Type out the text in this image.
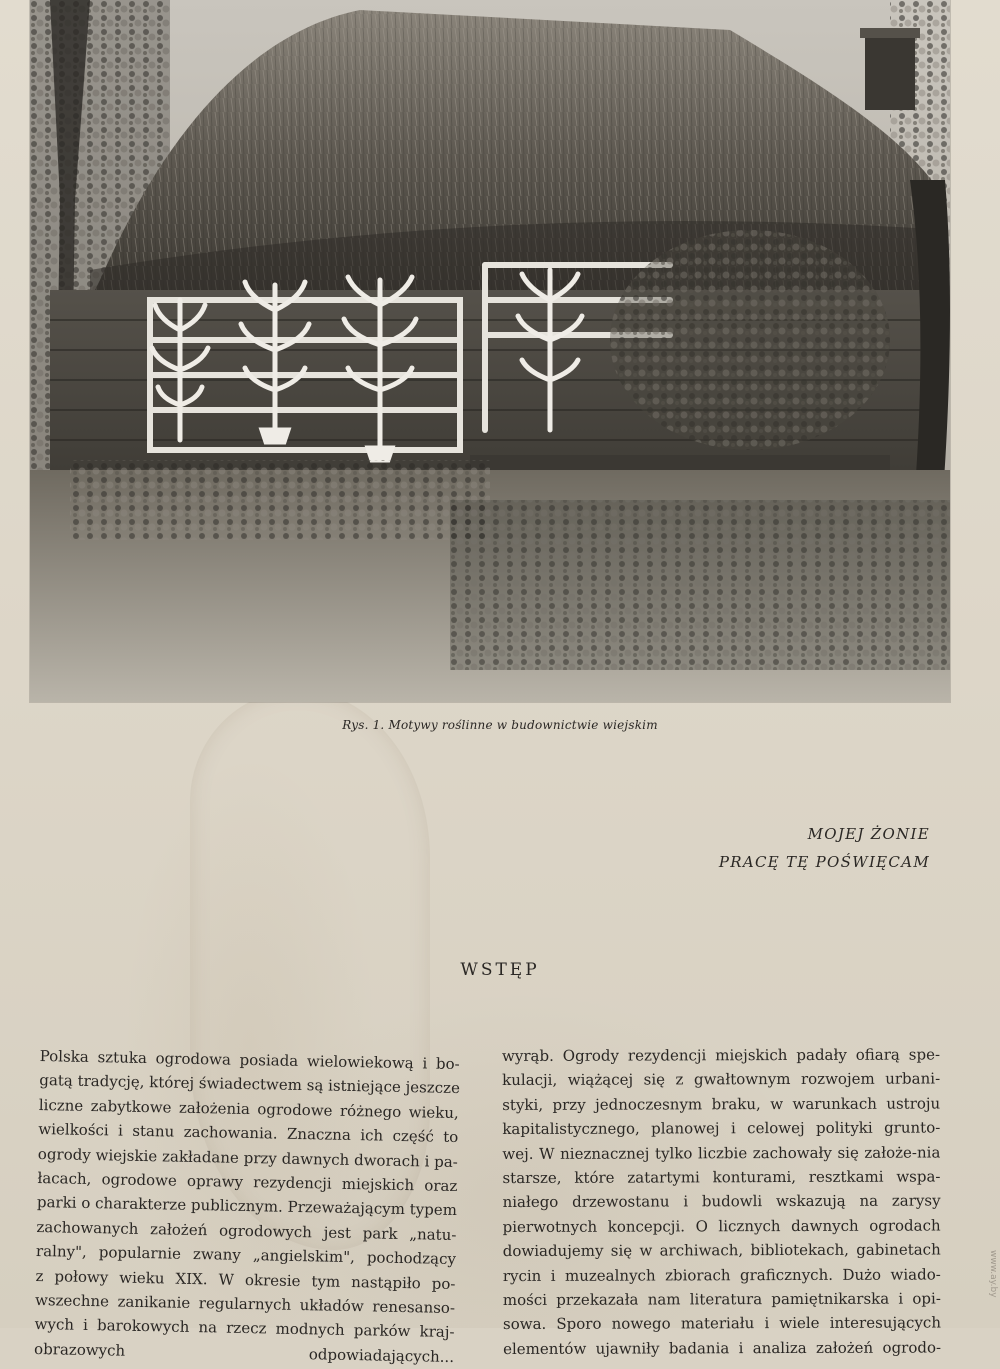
Rys. 1. Motywy roślinne w budownictwie wiejskim
MOJEJ ŻONIE
PRACĘ TĘ POŚWIĘCAM
WSTĘP
Polska sztuka ogrodowa posiada wielowiekową i bo-
gatą tradycję, której świadectwem są istniejące jeszcze
liczne zabytkowe założenia ogrodowe różnego wieku,
wielkości i stanu zachowania. Znaczna ich część to
ogrody wiejskie zakładane przy dawnych dworach i pa-
łacach, ogrodowe oprawy rezydencji miejskich oraz
parki o charakterze publicznym. Przeważającym typem
zachowanych założeń ogrodowych jest park „natu-
ralny", popularnie zwany „angielskim", pochodzący
z połowy wieku XIX. W okresie tym nastąpiło po-
wszechne zanikanie regularnych układów renesanso-
wych i barokowych na rzecz modnych parków kraj-
obrazowych odpowiadających...
wyrąb. Ogrody rezydencji miejskich padały ofiarą spe-
kulacji, wiążącej się z gwałtownym rozwojem urbani-
styki, przy jednoczesnym braku, w warunkach ustroju
kapitalistycznego, planowej i celowej polityki grunto-
wej. W nieznacznej tylko liczbie zachowały się założe-nia
starsze, które zatartymi konturami, resztkami wspa-
niałego drzewostanu i budowli wskazują na zarysy
pierwotnych koncepcji. O licznych dawnych ogrodach
dowiadujemy się w archiwach, bibliotekach, gabinetach
rycin i muzealnych zbiorach graficznych. Dużo wiado-
mości przekazała nam literatura pamiętnikarska i opi-
sowa. Sporo nowego materiału i wiele interesujących
elementów ujawniły badania i analiza założeń ogrodo-
www.ay.by
